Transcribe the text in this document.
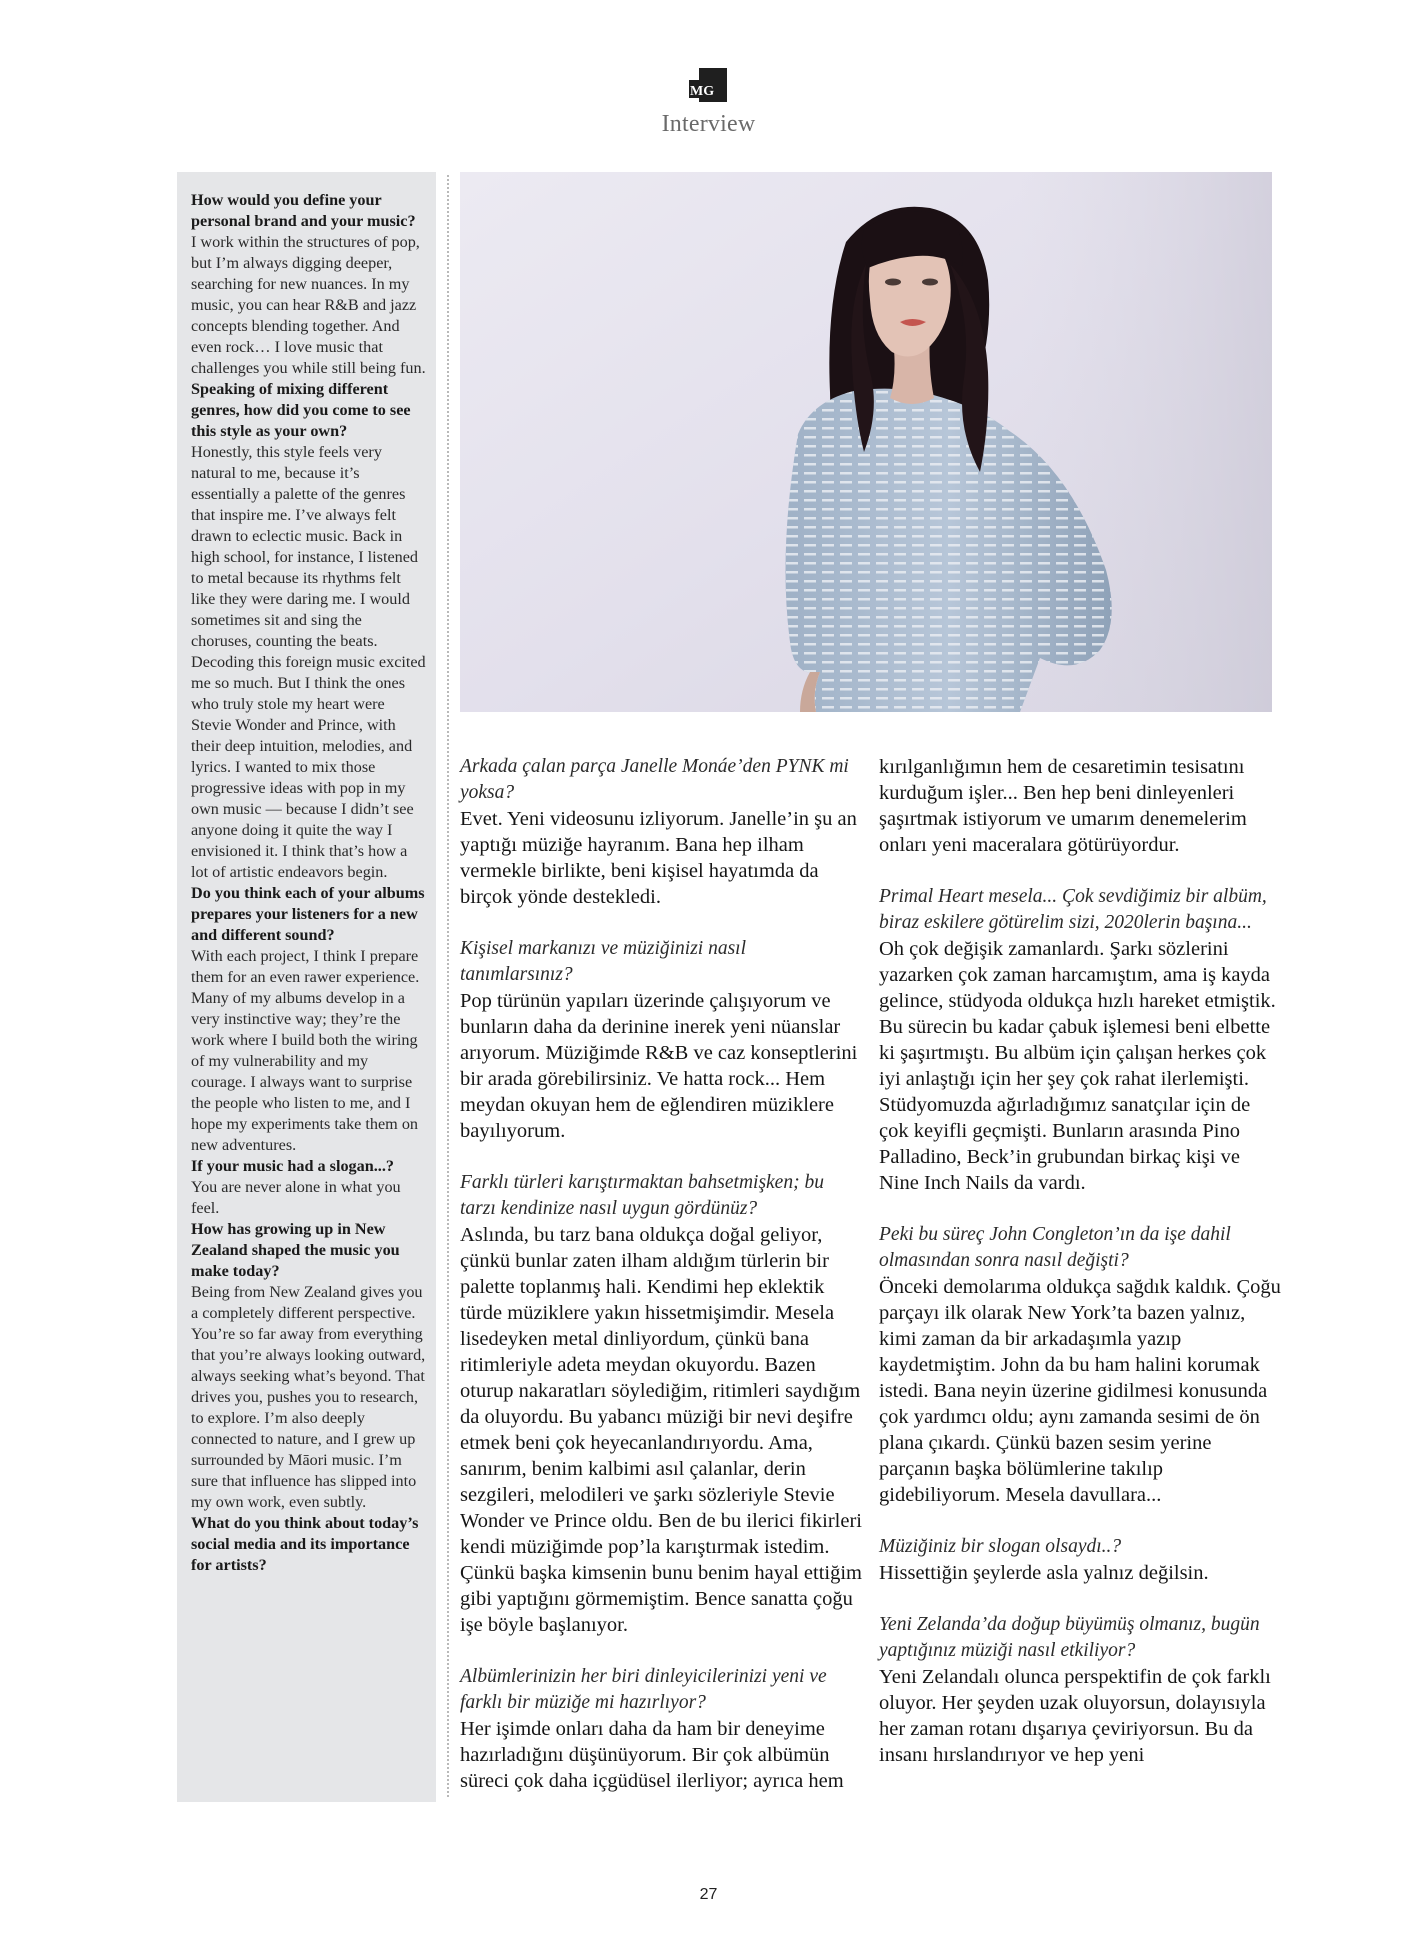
MG
Interview
How would you define your personal brand and your music?
I work within the structures of pop, but I’m always digging deeper, searching for new nuances. In my music, you can hear R&B and jazz concepts blending together. And even rock… I love music that challenges you while still being fun.
Speaking of mixing different genres, how did you come to see this style as your own?
Honestly, this style feels very natural to me, because it’s essentially a palette of the genres that inspire me. I’ve always felt drawn to eclectic music. Back in high school, for instance, I listened to metal because its rhythms felt like they were daring me. I would sometimes sit and sing the choruses, counting the beats. Decoding this foreign music excited me so much. But I think the ones who truly stole my heart were Stevie Wonder and Prince, with their deep intuition, melodies, and lyrics. I wanted to mix those progressive ideas with pop in my own music — because I didn’t see anyone doing it quite the way I envisioned it. I think that’s how a lot of artistic endeavors begin.
Do you think each of your albums prepares your listeners for a new and different sound?
With each project, I think I prepare them for an even rawer experience. Many of my albums develop in a very instinctive way; they’re the work where I build both the wiring of my vulnerability and my courage. I always want to surprise the people who listen to me, and I hope my experiments take them on new adventures.
If your music had a slogan...?
You are never alone in what you feel.
How has growing up in New Zealand shaped the music you make today?
Being from New Zealand gives you a completely different perspective. You’re so far away from everything that you’re always looking outward, always seeking what’s beyond. That drives you, pushes you to research, to explore. I’m also deeply connected to nature, and I grew up surrounded by Māori music. I’m sure that influence has slipped into my own work, even subtly.
What do you think about today’s social media and its importance for artists?
Arkada çalan parça Janelle Monáe’den PYNK mi yoksa?
Evet. Yeni videosunu izliyorum. Janelle’in şu an yaptığı müziğe hayranım. Bana hep ilham vermekle birlikte, beni kişisel hayatımda da birçok yönde destekledi.
Kişisel markanızı ve müziğinizi nasıl tanımlarsınız?
Pop türünün yapıları üzerinde çalışıyorum ve bunların daha da derinine inerek yeni nüanslar arıyorum. Müziğimde R&B ve caz konseptlerini bir arada görebilirsiniz. Ve hatta rock... Hem meydan okuyan hem de eğlendiren müziklere bayılıyorum.
Farklı türleri karıştırmaktan bahsetmişken; bu tarzı kendinize nasıl uygun gördünüz?
Aslında, bu tarz bana oldukça doğal geliyor, çünkü bunlar zaten ilham aldığım türlerin bir palette toplanmış hali. Kendimi hep eklektik türde müziklere yakın hissetmişimdir. Mesela lisedeyken metal dinliyordum, çünkü bana ritimleriyle adeta meydan okuyordu. Bazen oturup nakaratları söylediğim, ritimleri saydığım da oluyordu. Bu yabancı müziği bir nevi deşifre etmek beni çok heyecanlandırıyordu. Ama, sanırım, benim kalbimi asıl çalanlar, derin sezgileri, melodileri ve şarkı sözleriyle Stevie Wonder ve Prince oldu. Ben de bu ilerici fikirleri kendi müziğimde pop’la karıştırmak istedim. Çünkü başka kimsenin bunu benim hayal ettiğim gibi yaptığını görmemiştim. Bence sanatta çoğu işe böyle başlanıyor.
Albümlerinizin her biri dinleyicilerinizi yeni ve farklı bir müziğe mi hazırlıyor?
Her işimde onları daha da ham bir deneyime hazırladığını düşünüyorum. Bir çok albümün süreci çok daha içgüdüsel ilerliyor; ayrıca hem
kırılganlığımın hem de cesaretimin tesisatını kurduğum işler... Ben hep beni dinleyenleri şaşırtmak istiyorum ve umarım denemelerim onları yeni maceralara götürüyordur.
Primal Heart mesela... Çok sevdiğimiz bir albüm, biraz eskilere götürelim sizi, 2020lerin başına...
Oh çok değişik zamanlardı. Şarkı sözlerini yazarken çok zaman harcamıştım, ama iş kayda gelince, stüdyoda oldukça hızlı hareket etmiştik. Bu sürecin bu kadar çabuk işlemesi beni elbette ki şaşırtmıştı. Bu albüm için çalışan herkes çok iyi anlaştığı için her şey çok rahat ilerlemişti. Stüdyomuzda ağırladığımız sanatçılar için de çok keyifli geçmişti. Bunların arasında Pino Palladino, Beck’in grubundan birkaç kişi ve Nine Inch Nails da vardı.
Peki bu süreç John Congleton’ın da işe dahil olmasından sonra nasıl değişti?
Önceki demolarıma oldukça sağdık kaldık. Çoğu parçayı ilk olarak New York’ta bazen yalnız, kimi zaman da bir arkadaşımla yazıp kaydetmiştim. John da bu ham halini korumak istedi. Bana neyin üzerine gidilmesi konusunda çok yardımcı oldu; aynı zamanda sesimi de ön plana çıkardı. Çünkü bazen sesim yerine parçanın başka bölümlerine takılıp gidebiliyorum. Mesela davullara...
Müziğiniz bir slogan olsaydı..?
Hissettiğin şeylerde asla yalnız değilsin.
Yeni Zelanda’da doğup büyümüş olmanız, bugün yaptığınız müziği nasıl etkiliyor?
Yeni Zelandalı olunca perspektifin de çok farklı oluyor. Her şeyden uzak oluyorsun, dolayısıyla her zaman rotanı dışarıya çeviriyorsun. Bu da insanı hırslandırıyor ve hep yeni
27
